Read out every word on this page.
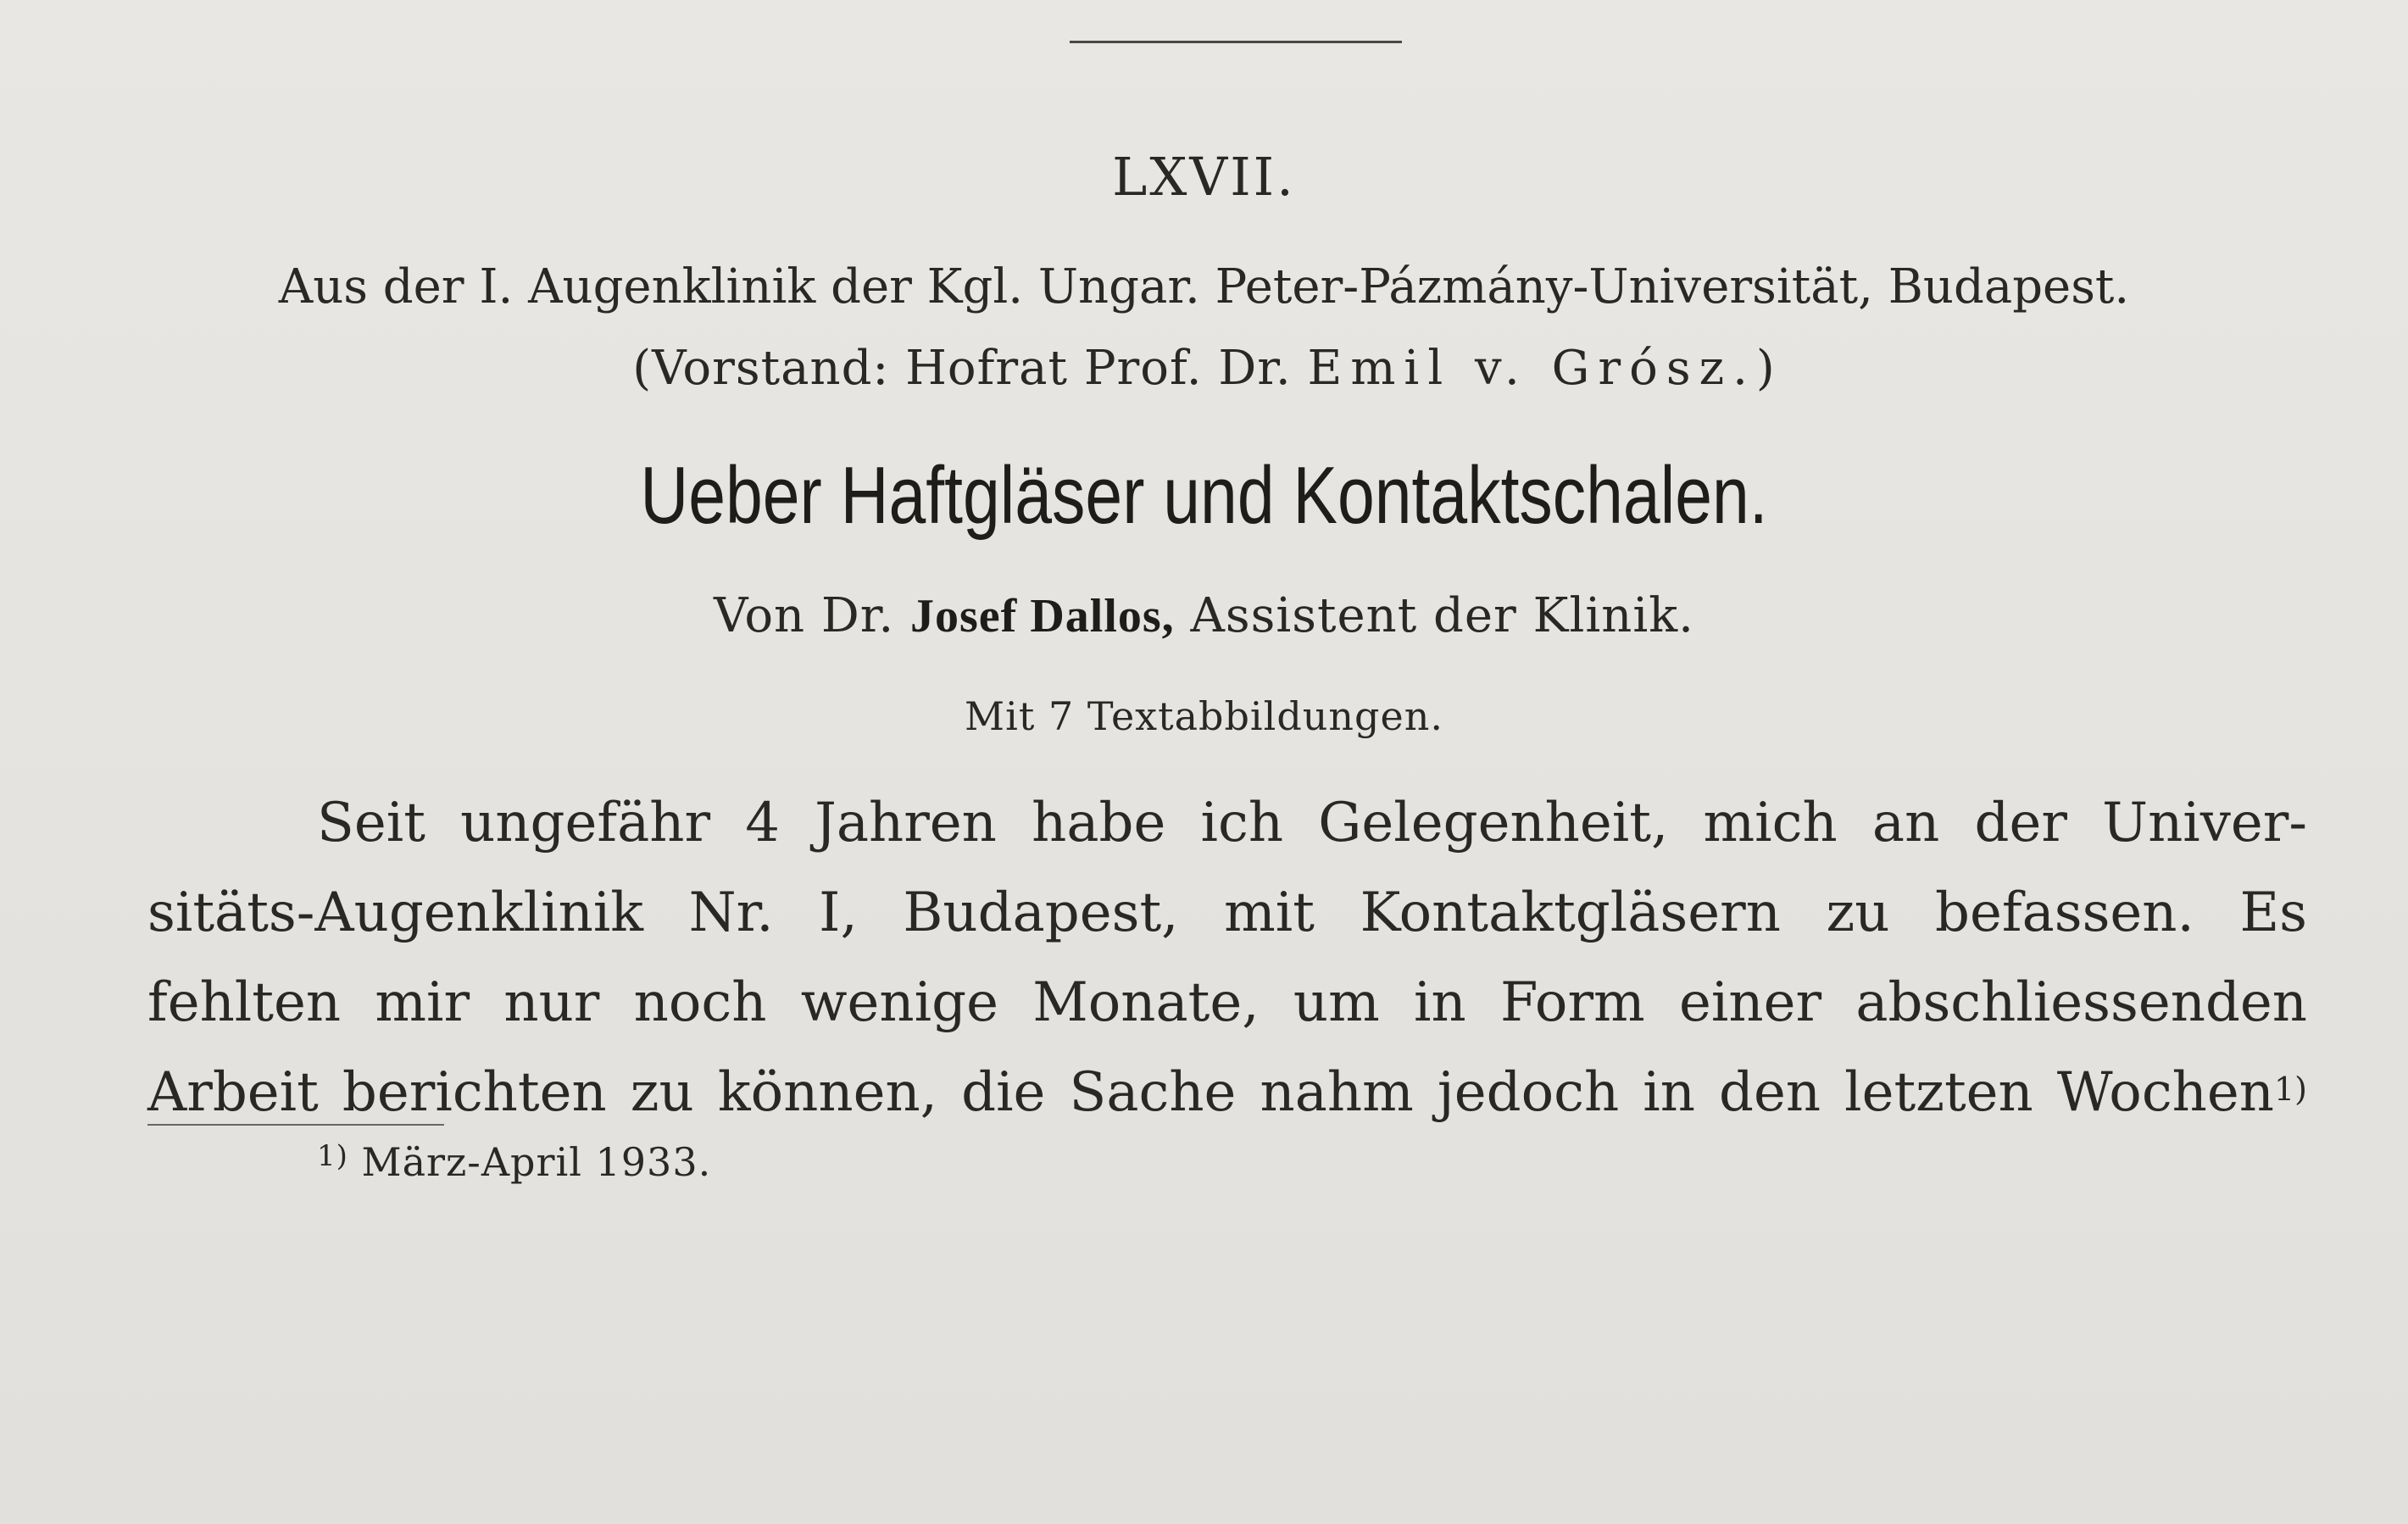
LXVII.
Aus der I. Augenklinik der Kgl. Ungar. Peter-Pázmány-Universität, Budapest.
(Vorstand: Hofrat Prof. Dr. Emil v. Grósz.)
Ueber Haftgläser und Kontaktschalen.
Von Dr. Josef Dallos, Assistent der Klinik.
Mit 7 Textabbildungen.
Seit ungefähr 4 Jahren habe ich Gelegenheit, mich an der Univer-
sitäts-Augenklinik Nr. I, Budapest, mit Kontaktgläsern zu befassen. Es
fehlten mir nur noch wenige Monate, um in Form einer abschliessenden
Arbeit berichten zu können, die Sache nahm jedoch in den letzten Wochen$^{1)}$
$^{1)}$ März-April 1933.
